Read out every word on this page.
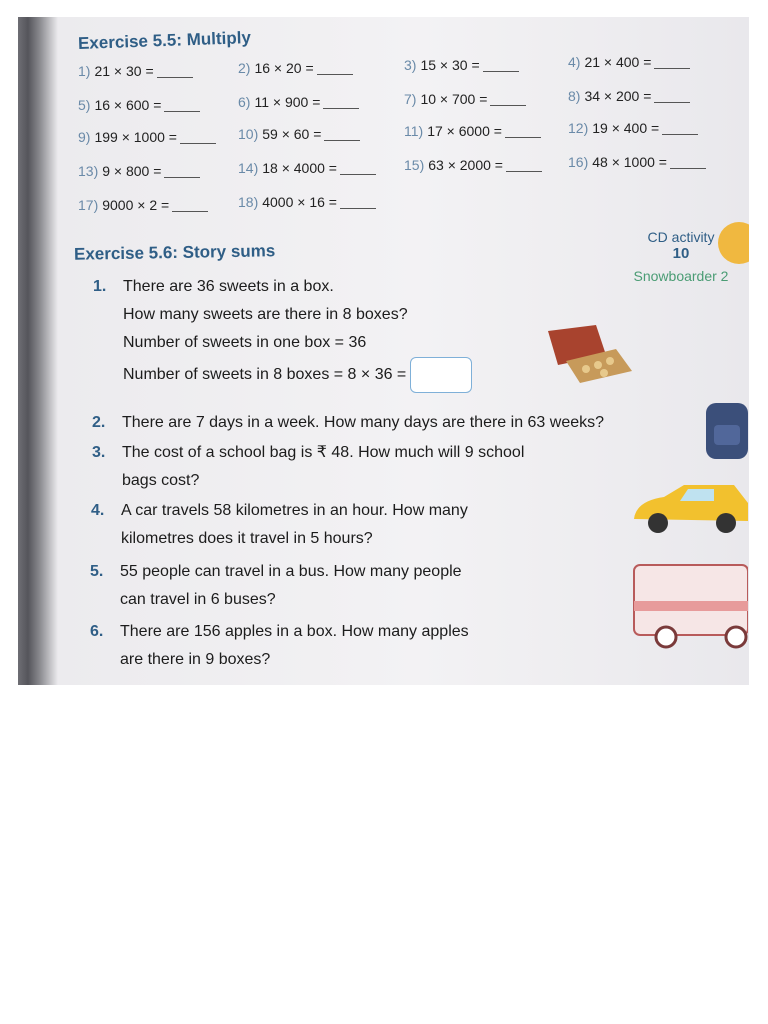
Exercise 5.5: Multiply
1) 21 × 30 =	2) 16 × 20 =	3) 15 × 30 =	4) 21 × 400 =
5) 16 × 600 =	6) 11 × 900 =	7) 10 × 700 =	8) 34 × 200 =
9) 199 × 1000 =	10) 59 × 60 =	11) 17 × 6000 =	12) 19 × 400 =
13) 9 × 800 =	14) 18 × 4000 =	15) 63 × 2000 =	16) 48 × 1000 =
17) 9000 × 2 =	18) 4000 × 16 =
Exercise 5.6: Story sums
CD activity
10
Snowboarder 2
1. There are 36 sweets in a box.
How many sweets are there in 8 boxes?
Number of sweets in one box = 36
Number of sweets in 8 boxes = 8 × 36 =
2. There are 7 days in a week. How many days are there in 63 weeks?
3. The cost of a school bag is ₹ 48. How much will 9 school
bags cost?
4. A car travels 58 kilometres in an hour. How many
kilometres does it travel in 5 hours?
5. 55 people can travel in a bus. How many people
can travel in 6 buses?
6. There are 156 apples in a box. How many apples
are there in 9 boxes?
